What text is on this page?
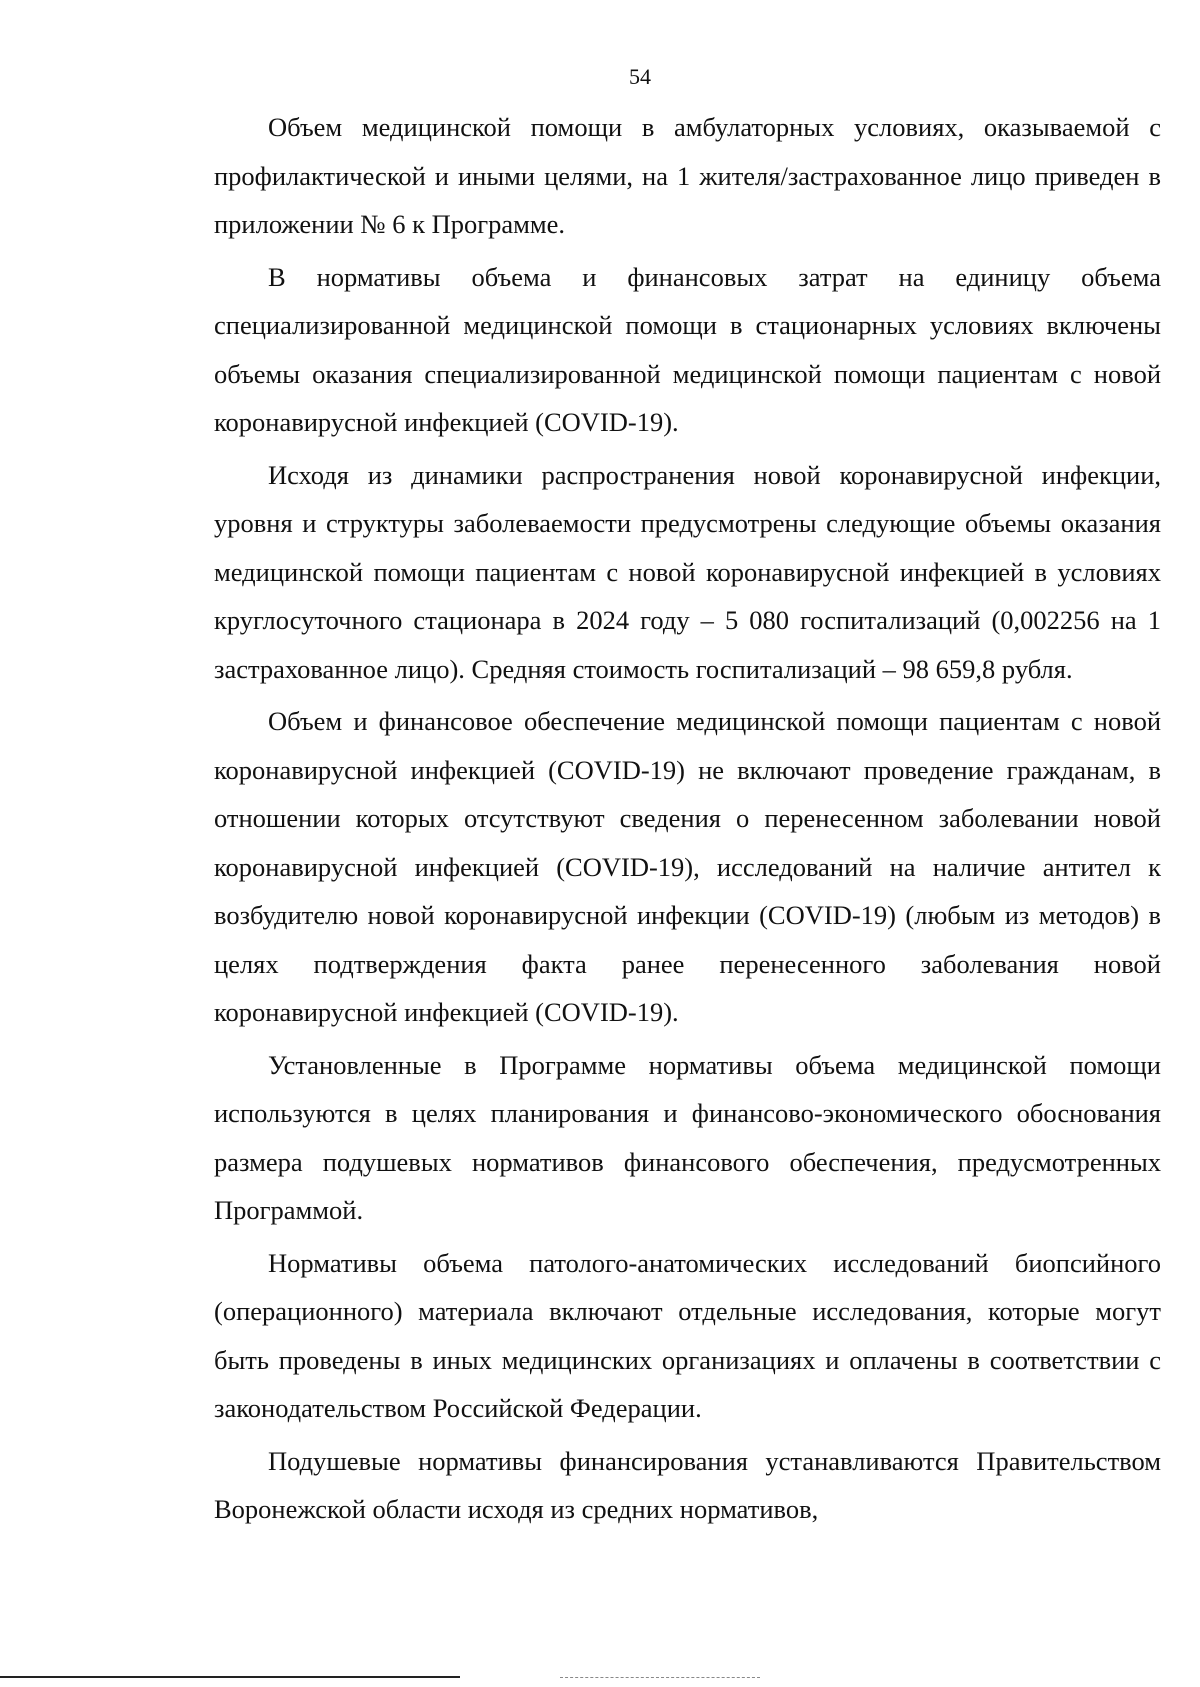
54

Объем медицинской помощи в амбулаторных условиях, оказываемой с профилактической и иными целями, на 1 жителя/застрахованное лицо приведен в приложении № 6 к Программе.

В нормативы объема и финансовых затрат на единицу объема специализированной медицинской помощи в стационарных условиях включены объемы оказания специализированной медицинской помощи пациентам с новой коронавирусной инфекцией (COVID-19).

Исходя из динамики распространения новой коронавирусной инфекции, уровня и структуры заболеваемости предусмотрены следующие объемы оказания медицинской помощи пациентам с новой коронавирусной инфекцией в условиях круглосуточного стационара в 2024 году – 5 080 госпитализаций (0,002256 на 1 застрахованное лицо). Средняя стоимость госпитализаций – 98 659,8 рубля.

Объем и финансовое обеспечение медицинской помощи пациентам с новой коронавирусной инфекцией (COVID-19) не включают проведение гражданам, в отношении которых отсутствуют сведения о перенесенном заболевании новой коронавирусной инфекцией (COVID-19), исследований на наличие антител к возбудителю новой коронавирусной инфекции (COVID-19) (любым из методов) в целях подтверждения факта ранее перенесенного заболевания новой коронавирусной инфекцией (COVID-19).

Установленные в Программе нормативы объема медицинской помощи используются в целях планирования и финансово-экономического обоснования размера подушевых нормативов финансового обеспечения, предусмотренных Программой.

Нормативы объема патолого-анатомических исследований биопсийного (операционного) материала включают отдельные исследования, которые могут быть проведены в иных медицинских организациях и оплачены в соответствии с законодательством Российской Федерации.

Подушевые нормативы финансирования устанавливаются Правительством Воронежской области исходя из средних нормативов,
